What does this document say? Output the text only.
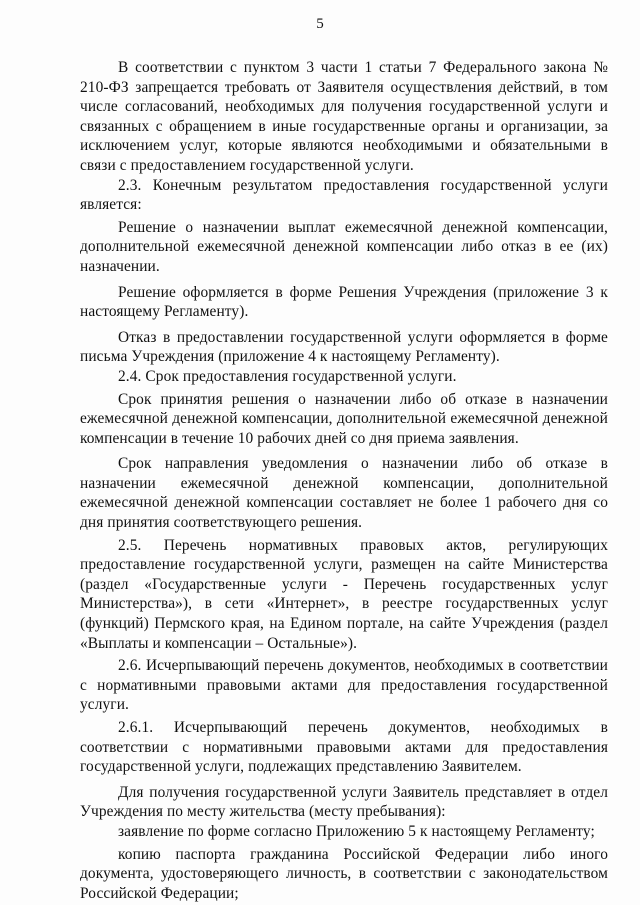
5

В соответствии с пунктом 3 части 1 статьи 7 Федерального закона № 210-ФЗ запрещается требовать от Заявителя осуществления действий, в том числе согласований, необходимых для получения государственной услуги и связанных с обращением в иные государственные органы и организации, за исключением услуг, которые являются необходимыми и обязательными в связи с предоставлением государственной услуги.

2.3. Конечным результатом предоставления государственной услуги является:

Решение о назначении выплат ежемесячной денежной компенсации, дополнительной ежемесячной денежной компенсации либо отказ в ее (их) назначении.

Решение оформляется в форме Решения Учреждения (приложение 3 к настоящему Регламенту).

Отказ в предоставлении государственной услуги оформляется в форме письма Учреждения (приложение 4 к настоящему Регламенту).

2.4. Срок предоставления государственной услуги.

Срок принятия решения о назначении либо об отказе в назначении ежемесячной денежной компенсации, дополнительной ежемесячной денежной компенсации в течение 10 рабочих дней со дня приема заявления.

Срок направления уведомления о назначении либо об отказе в назначении ежемесячной денежной компенсации, дополнительной ежемесячной денежной компенсации составляет не более 1 рабочего дня со дня принятия соответствующего решения.

2.5. Перечень нормативных правовых актов, регулирующих предоставление государственной услуги, размещен на сайте Министерства (раздел «Государственные услуги - Перечень государственных услуг Министерства»), в сети «Интернет», в реестре государственных услуг (функций) Пермского края, на Едином портале, на сайте Учреждения (раздел «Выплаты и компенсации – Остальные»).

2.6. Исчерпывающий перечень документов, необходимых в соответствии с нормативными правовыми актами для предоставления государственной услуги.

2.6.1. Исчерпывающий перечень документов, необходимых в соответствии с нормативными правовыми актами для предоставления государственной услуги, подлежащих представлению Заявителем.

Для получения государственной услуги Заявитель представляет в отдел Учреждения по месту жительства (месту пребывания):

заявление по форме согласно Приложению 5 к настоящему Регламенту;

копию паспорта гражданина Российской Федерации либо иного документа, удостоверяющего личность, в соответствии с законодательством Российской Федерации;
